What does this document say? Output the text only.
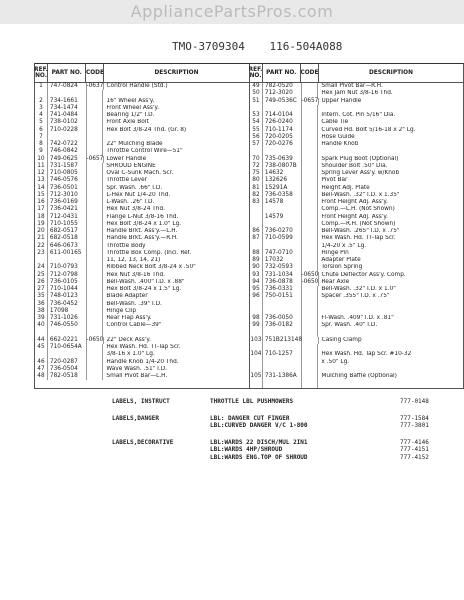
AppliancePartsPros.com
TMO-3709304 116-504A088
REF. NO. PART NO. CODE	DESCRIPTION	REF. NO. PART NO. CODE	DESCRIPTION
1	747-0824	-0637 Control Handle (Std.)
2	734-1661	16" Wheel Ass'y.
3	734-1474	Front Wheel Ass'y.
4	741-0484	Bearing 1/2" I.D.
5	738-0102	Front Axle Bolt
6	710-0228	Hex Bolt 3/8-24 Thd. (Gr. 8)
7
8	742-0722	22" Mulching Blade
9	746-0842	Throttle Control Wire—51"
10 749-0625	-0657 Lower Handle
11 731-1587	SHROUD ENGINE
12 710-0805	Oval C-Sunk Mach. Scr.
13 746-0576	Throttle Lever
14 736-0501	Spr. Wash. .66" I.D.
15 712-3010	L-Hex Nut 1/4-20 Thd.
16 736-0169	L-Wash. .26" I.D.
17 736-0421	Hex Nut 3/8-24 Thd.
18 712-0431	Flange L-Nut 3/8-16 Thd.
19 710-1055	Hex Bolt 3/8-24 x 1.0" Lg.
20 682-0517	Handle Brkt. Ass'y.—L.H.
21 682-0518	Handle Brkt. Ass'y.—R.H.
22 646-0673	Throttle Body
23 611-00165	Throttle Box Comp. (Incl. Ref.
11, 12, 13, 14, 21)
24 710-0793	Ribbed Neck Bolt 3/8-24 x .50"
25 712-0798	Hex Nut 3/8-16 Thd.
26 736-0105	Bell-Wash. .400" I.D. x .88"
27 710-1044	Hex Bolt 3/8-24 x 1.5" Lg.
35 748-0123	Blade Adapter
36 736-0452	Bell-Wash. .39" I.D.
38 17098	Hinge Clip
39 731-1026	Rear Flap Ass'y.
40 746-0550	Control Cable—39"
44 662-0221	-0650 22" Deck Ass'y.
45 710-0654A	Hex Wash. Hd. TT-Tap Scr.
3/8-16 x 1.0" Lg.
46 720-0287	Handle Knob 1/4-20 Thd.
47 736-0504	Wave Wash. .51" I.D.
48 782-0518	Small Pivot Bar—L.H.
49 782-0520	Small Pivot Bar—R.H.
50 712-3020	Hex Jam Nut 3/8-16 Thd.
51 749-0536C -0657 Upper Handle
53 714-0104	Intern. Cot. Pin 5/16" Dia.
54 726-0240	Cable Tie
55 710-1174	Curved Hd. Bolt 5/16-18 x 2" Lg.
56 720-0205	Hose Guide
57 720-0276	Handle Knob
70 735-0639	Spark Plug Boot (Optional)
72 738-0807B	Shoulder Bolt .50" Dia.
75 14632	Spring Lever Ass'y. w/Knob
80 132626	Pivot Bar
81 15291A	Height Adj. Plate
82 736-0358	Bell-Wash. .32" I.D. x 1.35"
83 14578	Front Height Adj. Ass'y.
Comp.—L.H. (Not Shown)
14579	Front Height Adj. Ass'y.
Comp.—R.H. (Not Shown)
86 736-0270	Bell-Wash. .265" I.D. x .75"
87 710-0599	Hex Wash. Hd. TT-Tap Scr.
1/4-20 x .5" Lg.
88 747-0710	Hinge Pin
89 17032	Adapter Plate
90 732-0593	Torsion Spring
93 731-1034	-0650 Chute Deflector Ass'y. Comp.
94 736-0878	-0650 Rear Axle
95 736-0331	Bell-Wash. .32" I.D. x 1.0"
96 750-0151	Spacer .355" I.D. x .75"
98 736-0050	Fl-Wash. .409" I.D. x .81"
99 736-0182	Spr. Wash. .40" I.D.
103 751B213148	Casing Clamp
104 710-1257	Hex Wash. Hd. Tap Scr. #10-32
x .50" Lg.
105 731-1386A	Mulching Baffle (Optional)
LABELS, INSTRUCT	THROTTLE LBL PUSHMOWERS	777-0148
LABELS,DANGER	LBL: DANGER CUT FINGER	777-1584
LBL:CURVED DANGER V/C 1-800	777-3801
LABELS,DECORATIVE	LBL:WARDS 22 DISCH/MUL 2IN1	777-4146
LBL:WARDS 4HP/SHROUD	777-4151
LBL:WARDS ENG.TOP OF SHROUD	777-4152
